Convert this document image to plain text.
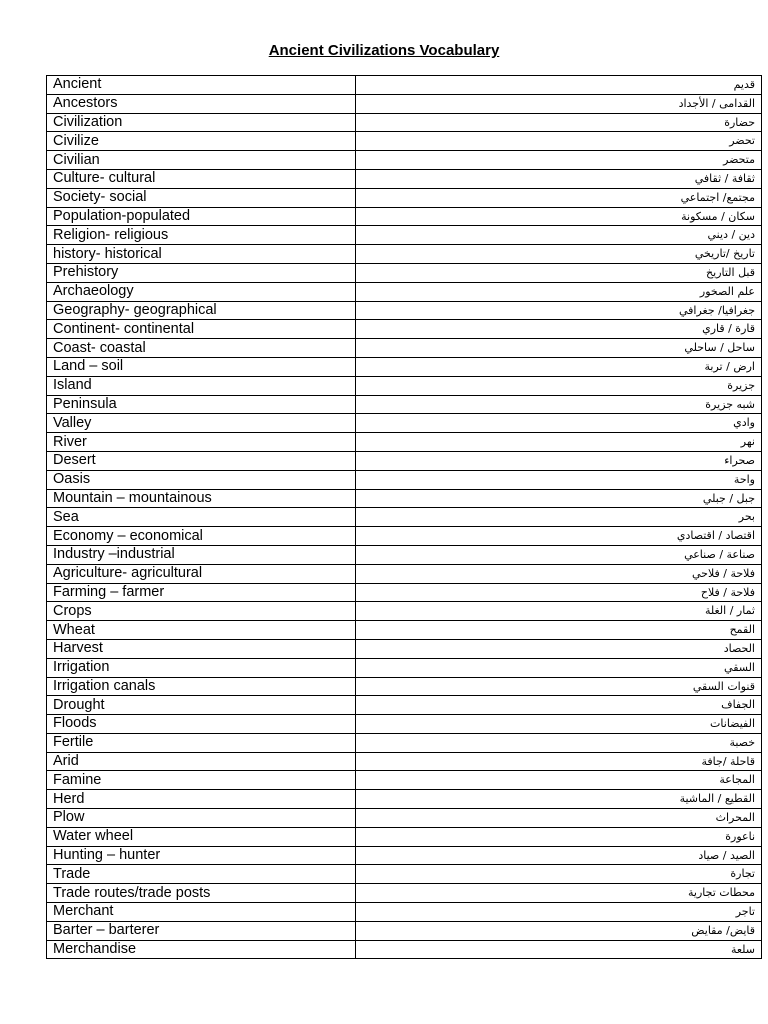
Ancient Civilizations Vocabulary
Ancient	قديم
Ancestors	القدامى / الأجداد
Civilization	حضارة
Civilize	تحضر
Civilian	متحضر
Culture- cultural	ثقافة / ثقافي
Society- social	مجتمع/ اجتماعي
Population-populated	سكان / مسكونة
Religion- religious	دين / ديني
history- historical	تاريخ /تاريخي
Prehistory	قبل التاريخ
Archaeology	علم الصخور
Geography- geographical	جغرافيا/ جغرافي
Continent- continental	قارة / قاري
Coast- coastal	ساحل / ساحلي
Land – soil	ارض / تربة
Island	جزيرة
Peninsula	شبه جزيرة
Valley	وادي
River	نهر
Desert	صحراء
Oasis	واحة
Mountain – mountainous	جبل / جبلي
Sea	بحر
Economy – economical	اقتصاد / اقتصادي
Industry –industrial	صناعة / صناعي
Agriculture- agricultural	فلاحة / فلاحي
Farming – farmer	فلاحة / فلاح
Crops	ثمار / الغلة
Wheat	القمح
Harvest	الحصاد
Irrigation	السقي
Irrigation canals	قنوات السقي
Drought	الجفاف
Floods	الفيضانات
Fertile	خصبة
Arid	قاحلة /جافة
Famine	المجاعة
Herd	القطيع / الماشية
Plow	المحراث
Water wheel	ناعورة
Hunting – hunter	الصيد / صياد
Trade	تجارة
Trade routes/trade posts	محطات تجارية
Merchant	تاجر
Barter – barterer	قايض/ مقايض
Merchandise	سلعة
